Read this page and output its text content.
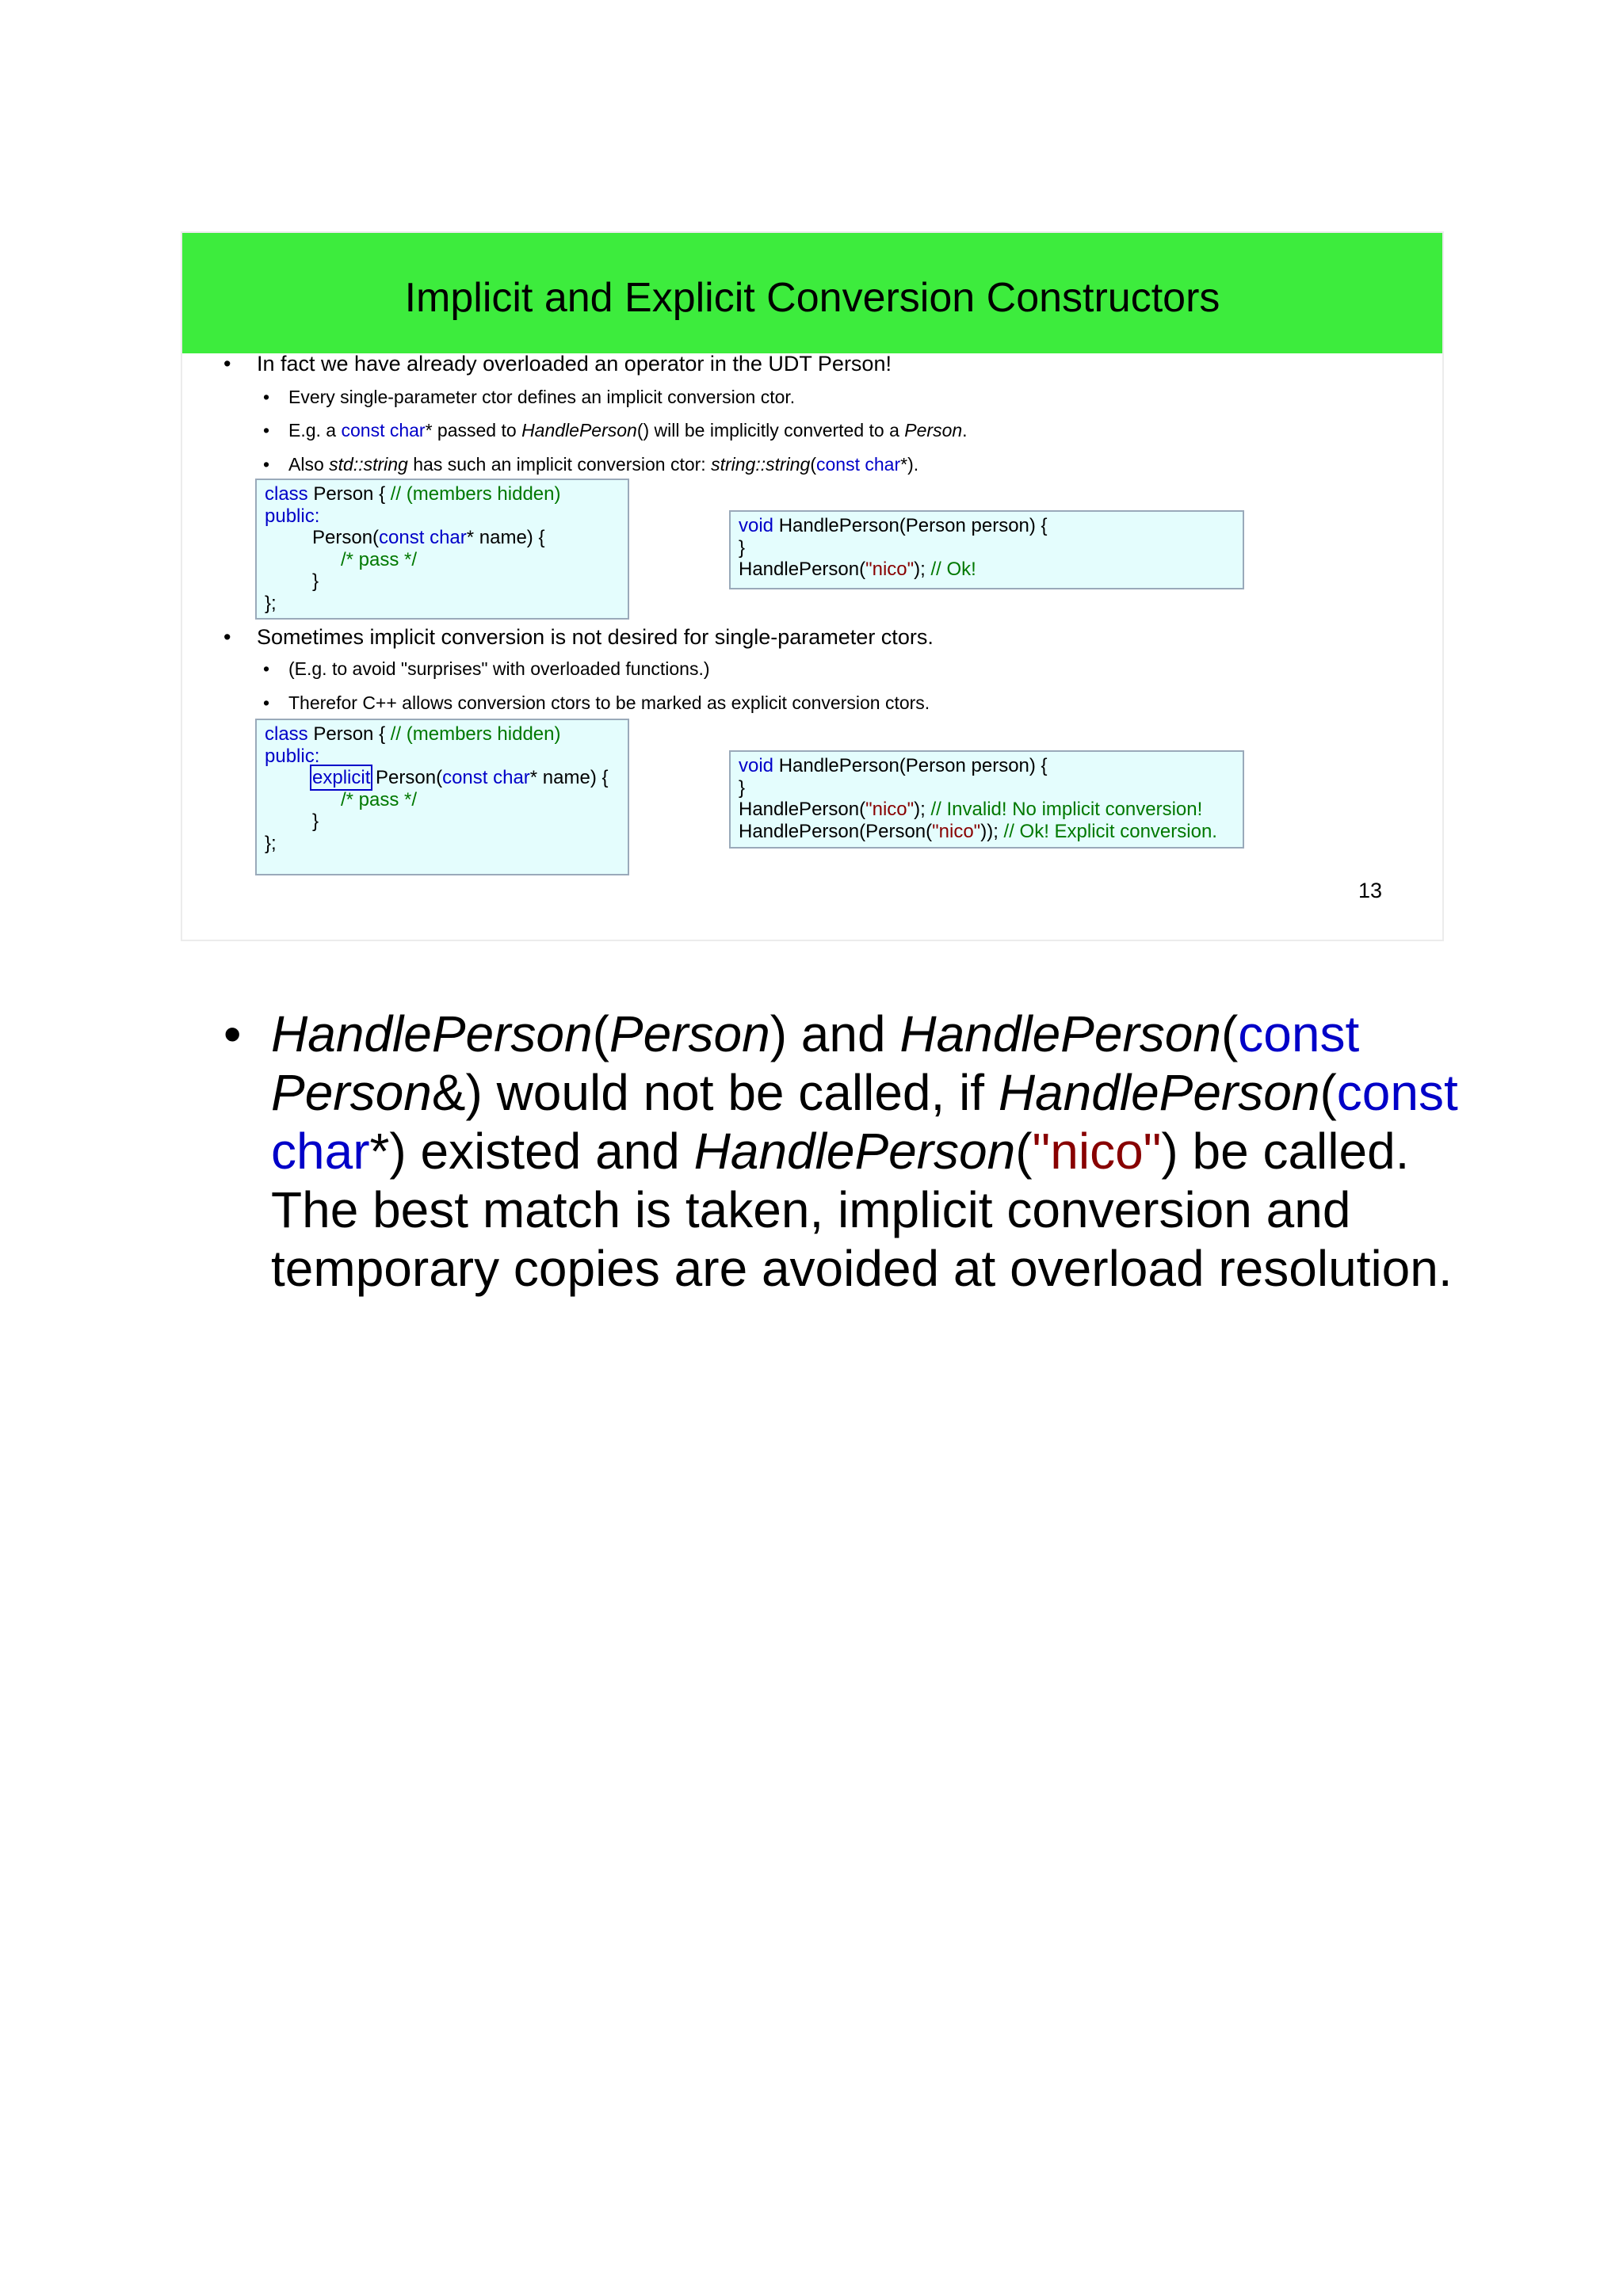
Implicit and Explicit Conversion Constructors
• In fact we have already overloaded an operator in the UDT Person!
• Every single-parameter ctor defines an implicit conversion ctor.
• E.g. a const char* passed to HandlePerson() will be implicitly converted to a Person.
• Also std::string has such an implicit conversion ctor: string::string(const char*).
class Person { // (members hidden)
public:
Person(const char* name) {
/* pass */
}
};
void HandlePerson(Person person) {
}
HandlePerson("nico"); // Ok!
• Sometimes implicit conversion is not desired for single-parameter ctors.
• (E.g. to avoid "surprises" with overloaded functions.)
• Therefor C++ allows conversion ctors to be marked as explicit conversion ctors.
class Person { // (members hidden)
public:
explicit Person(const char* name) {
/* pass */
}
};
void HandlePerson(Person person) {
}
HandlePerson("nico"); // Invalid! No implicit conversion!
HandlePerson(Person("nico")); // Ok! Explicit conversion.
13
• HandlePerson(Person) and HandlePerson(const Person&) would not be called, if HandlePerson(const char*) existed and HandlePerson("nico") be called. The best match is taken, implicit conversion and temporary copies are avoided at overload resolution.
